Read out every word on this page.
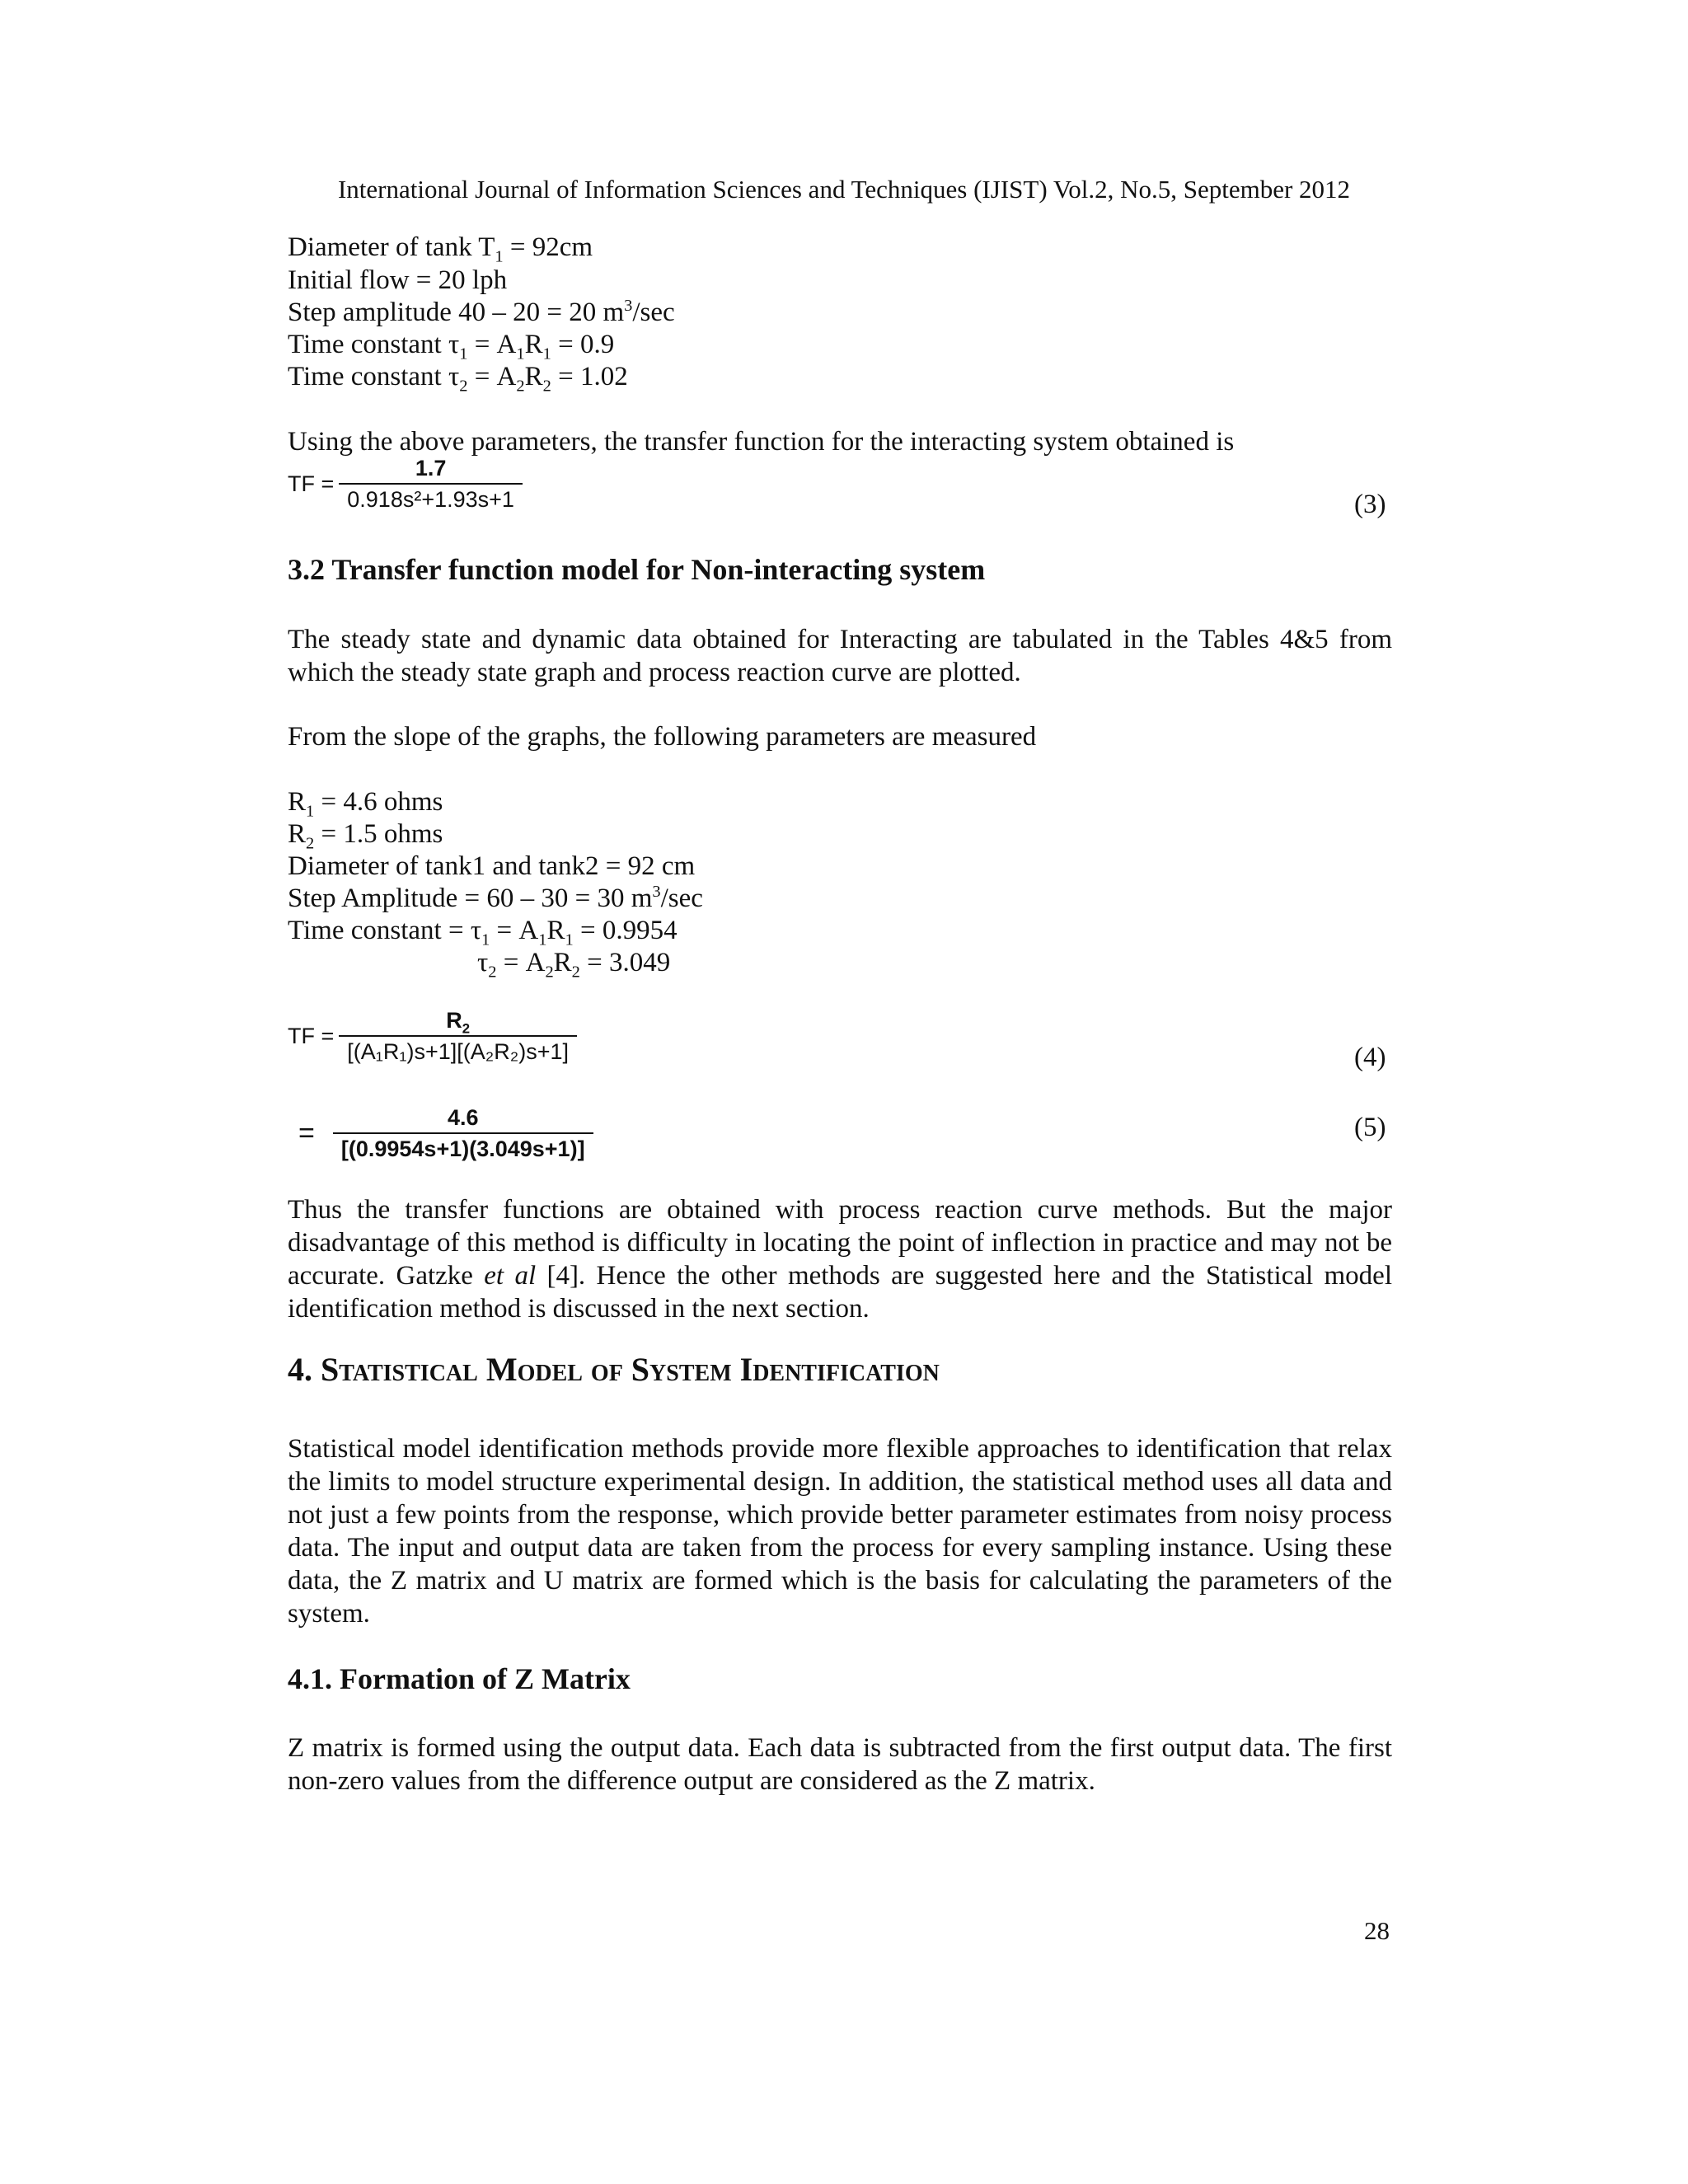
International Journal of Information Sciences and Techniques (IJIST) Vol.2, No.5, September 2012
Diameter of tank $T_1 = 92cm$
Initial flow = 20 lph
Step amplitude 40 – 20 = 20 $m^3/\sec$
Time constant $\tau_1 = A_1R_1 = 0.9$
Time constant $\tau_2 = A_2R_2 = 1.02$
Using the above parameters, the transfer function for the interacting system obtained is
TF = $\frac{1.7}{\text{0.918s²+1.93s+1}}$	(3)
3.2 Transfer function model for Non-interacting system
The steady state and dynamic data obtained for Interacting are tabulated in the Tables 4&5 from which the steady state graph and process reaction curve are plotted.
From the slope of the graphs, the following parameters are measured
$R_1 = 4.6$ ohms
$R_2 = 1.5$ ohms
Diameter of tank1 and tank2 = 92 cm
Step Amplitude = 60 – 30 = 30 $m^3/\sec$
Time constant = $\tau_1 = A_1R_1 = 0.9954$
$\tau_2 = A_2R_2 = 3.049$
TF = $\frac{R_2}{\text{[(A₁R₁)s+1][(A₂R₂)s+1]}}$	(4)
= $\frac{4.6}{[(0.9954s+1)(3.049s+1)]}$	(5)
Thus the transfer functions are obtained with process reaction curve methods. But the major disadvantage of this method is difficulty in locating the point of inflection in practice and may not be accurate. Gatzke et al [4]. Hence the other methods are suggested here and the Statistical model identification method is discussed in the next section.
4. Statistical Model of System Identification
Statistical model identification methods provide more flexible approaches to identification that relax the limits to model structure experimental design. In addition, the statistical method uses all data and not just a few points from the response, which provide better parameter estimates from noisy process data. The input and output data are taken from the process for every sampling instance. Using these data, the Z matrix and U matrix are formed which is the basis for calculating the parameters of the system.
4.1. Formation of Z Matrix
Z matrix is formed using the output data. Each data is subtracted from the first output data. The first non-zero values from the difference output are considered as the Z matrix.
28
